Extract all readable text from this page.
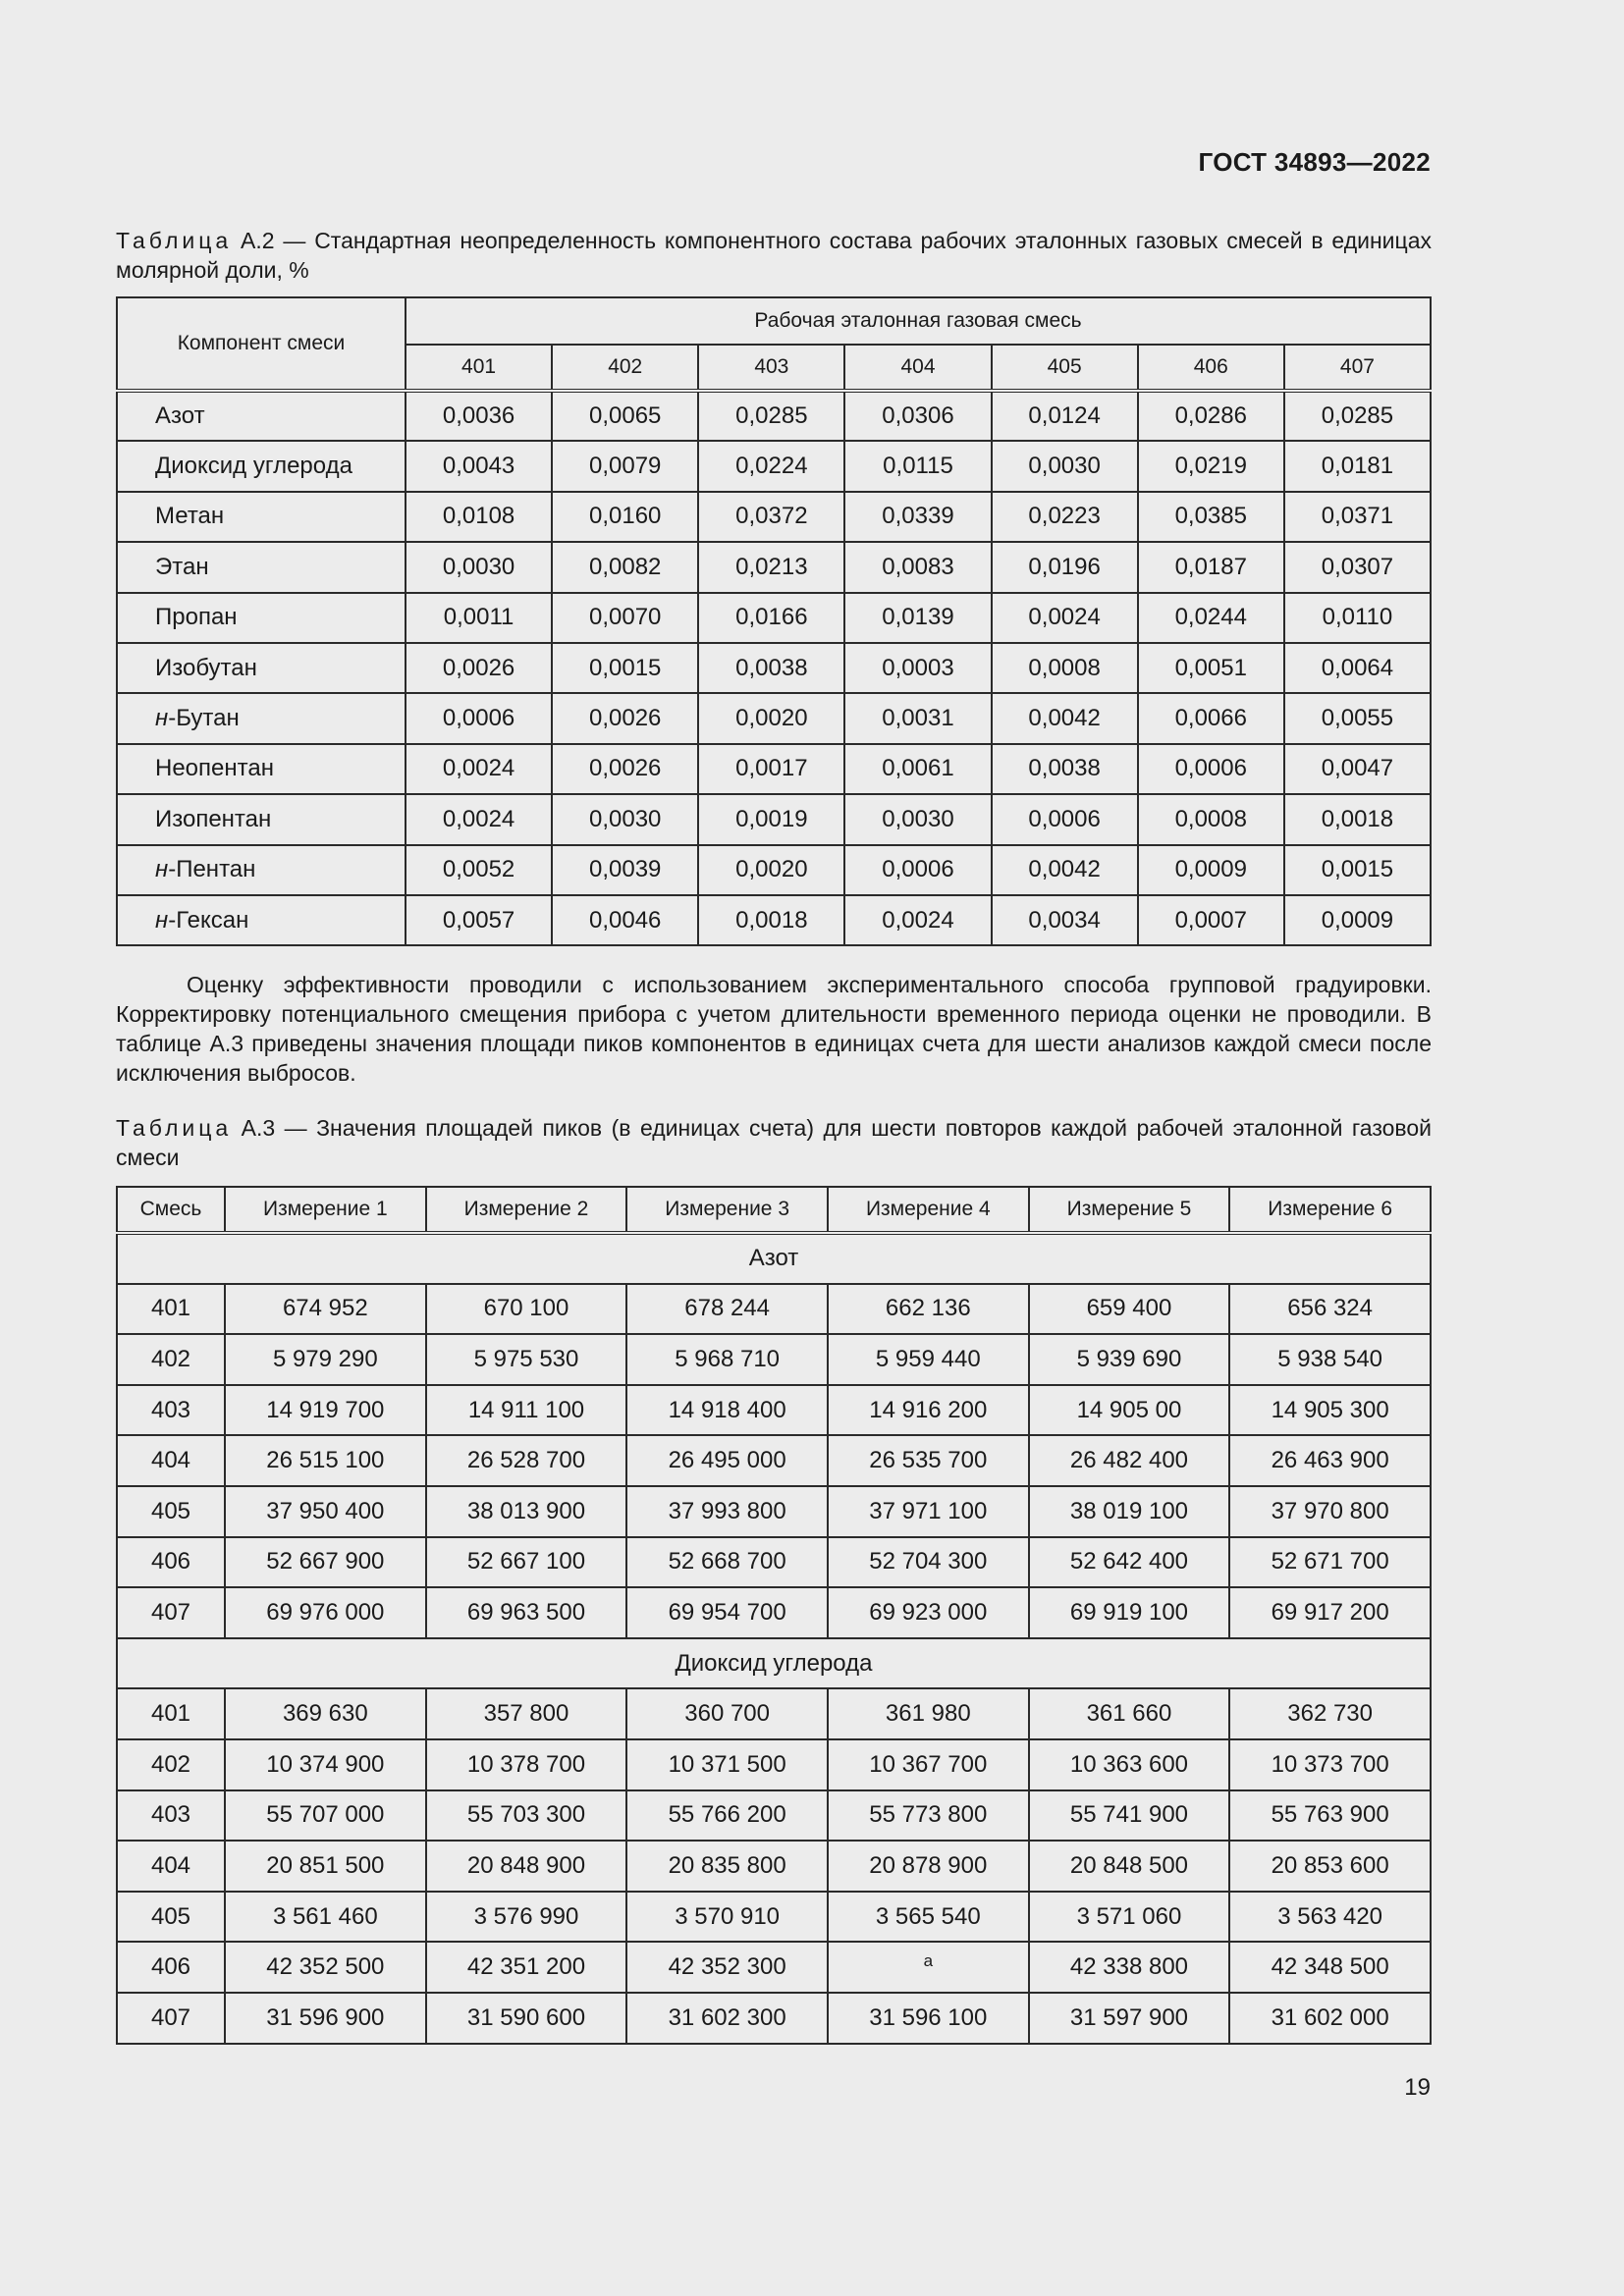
ГОСТ 34893—2022
Таблица А.2 — Стандартная неопределенность компонентного состава рабочих эталонных газовых смесей в единицах молярной доли, %
Компонент смеси	Рабочая эталонная газовая смесь						
	401	402	403	404	405	406	407
Азот	0,0036	0,0065	0,0285	0,0306	0,0124	0,0286	0,0285
Диоксид углерода	0,0043	0,0079	0,0224	0,0115	0,0030	0,0219	0,0181
Метан	0,0108	0,0160	0,0372	0,0339	0,0223	0,0385	0,0371
Этан	0,0030	0,0082	0,0213	0,0083	0,0196	0,0187	0,0307
Пропан	0,0011	0,0070	0,0166	0,0139	0,0024	0,0244	0,0110
Изобутан	0,0026	0,0015	0,0038	0,0003	0,0008	0,0051	0,0064
н-Бутан	0,0006	0,0026	0,0020	0,0031	0,0042	0,0066	0,0055
Неопентан	0,0024	0,0026	0,0017	0,0061	0,0038	0,0006	0,0047
Изопентан	0,0024	0,0030	0,0019	0,0030	0,0006	0,0008	0,0018
н-Пентан	0,0052	0,0039	0,0020	0,0006	0,0042	0,0009	0,0015
н-Гексан	0,0057	0,0046	0,0018	0,0024	0,0034	0,0007	0,0009
Оценку эффективности проводили с использованием экспериментального способа групповой градуировки. Корректировку потенциального смещения прибора с учетом длительности временного периода оценки не проводили. В таблице А.3 приведены значения площади пиков компонентов в единицах счета для шести анализов каждой смеси после исключения выбросов.
Таблица А.3 — Значения площадей пиков (в единицах счета) для шести повторов каждой рабочей эталонной газовой смеси
Смесь	Измерение 1	Измерение 2	Измерение 3	Измерение 4	Измерение 5	Измерение 6
Азот						
401	674 952	670 100	678 244	662 136	659 400	656 324
402	5 979 290	5 975 530	5 968 710	5 959 440	5 939 690	5 938 540
403	14 919 700	14 911 100	14 918 400	14 916 200	14 905 00	14 905 300
404	26 515 100	26 528 700	26 495 000	26 535 700	26 482 400	26 463 900
405	37 950 400	38 013 900	37 993 800	37 971 100	38 019 100	37 970 800
406	52 667 900	52 667 100	52 668 700	52 704 300	52 642 400	52 671 700
407	69 976 000	69 963 500	69 954 700	69 923 000	69 919 100	69 917 200
Диоксид углерода						
401	369 630	357 800	360 700	361 980	361 660	362 730
402	10 374 900	10 378 700	10 371 500	10 367 700	10 363 600	10 373 700
403	55 707 000	55 703 300	55 766 200	55 773 800	55 741 900	55 763 900
404	20 851 500	20 848 900	20 835 800	20 878 900	20 848 500	20 853 600
405	3 561 460	3 576 990	3 570 910	3 565 540	3 571 060	3 563 420
406	42 352 500	42 351 200	42 352 300	$^а$	42 338 800	42 348 500
407	31 596 900	31 590 600	31 602 300	31 596 100	31 597 900	31 602 000
19
